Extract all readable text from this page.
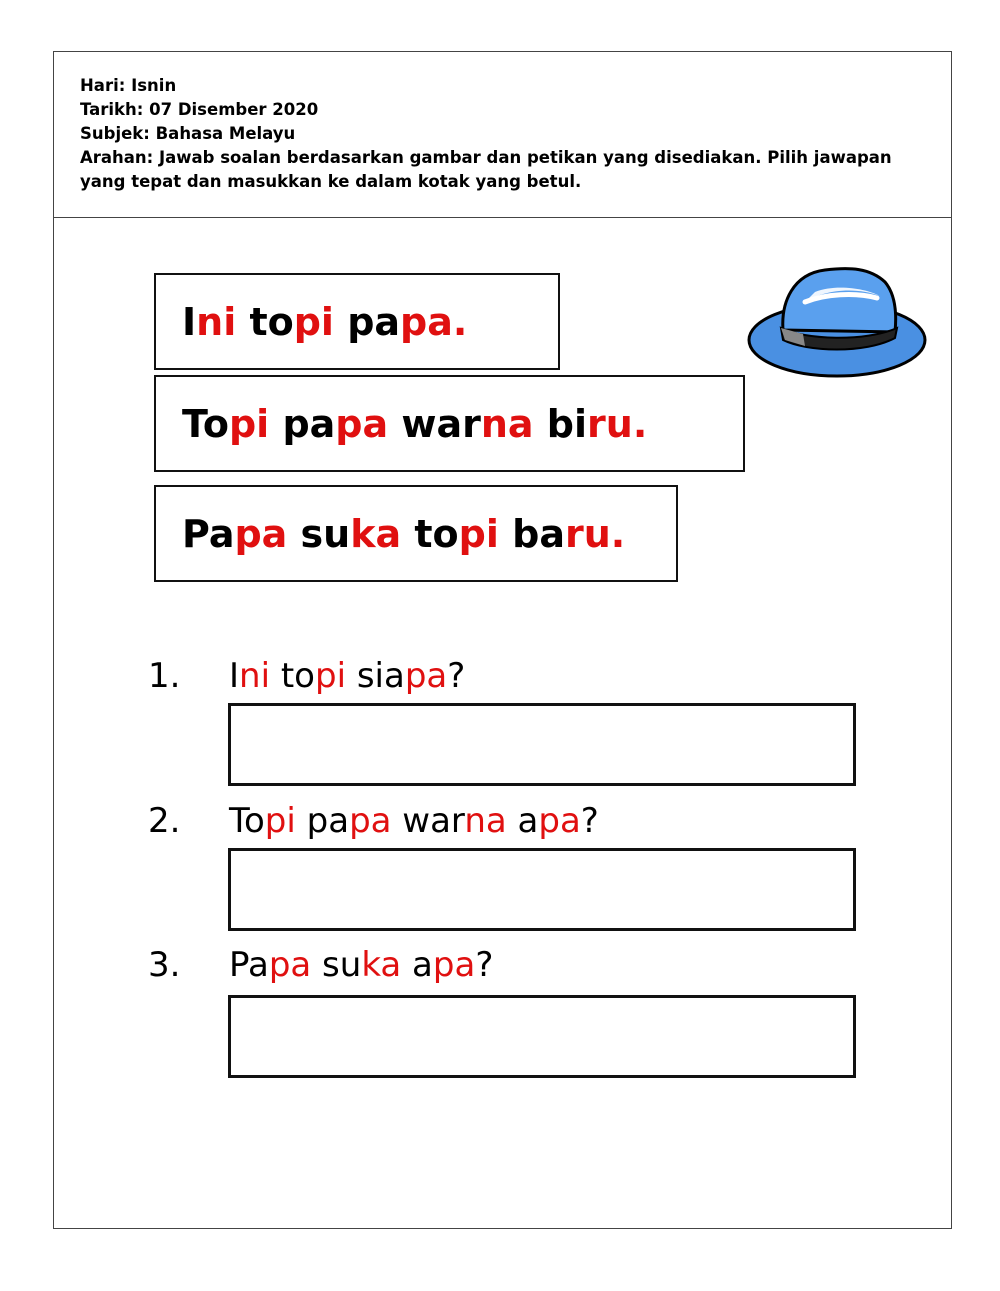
Hari: Isnin
Tarikh: 07 Disember 2020
Subjek: Bahasa Melayu
Arahan: Jawab soalan berdasarkan gambar dan petikan yang disediakan. Pilih jawapan yang tepat dan masukkan ke dalam kotak yang betul.
Ini topi papa.
Topi papa warna biru.
Papa suka topi baru.
1. Ini topi siapa?
2. Topi papa warna apa?
3. Papa suka apa?
